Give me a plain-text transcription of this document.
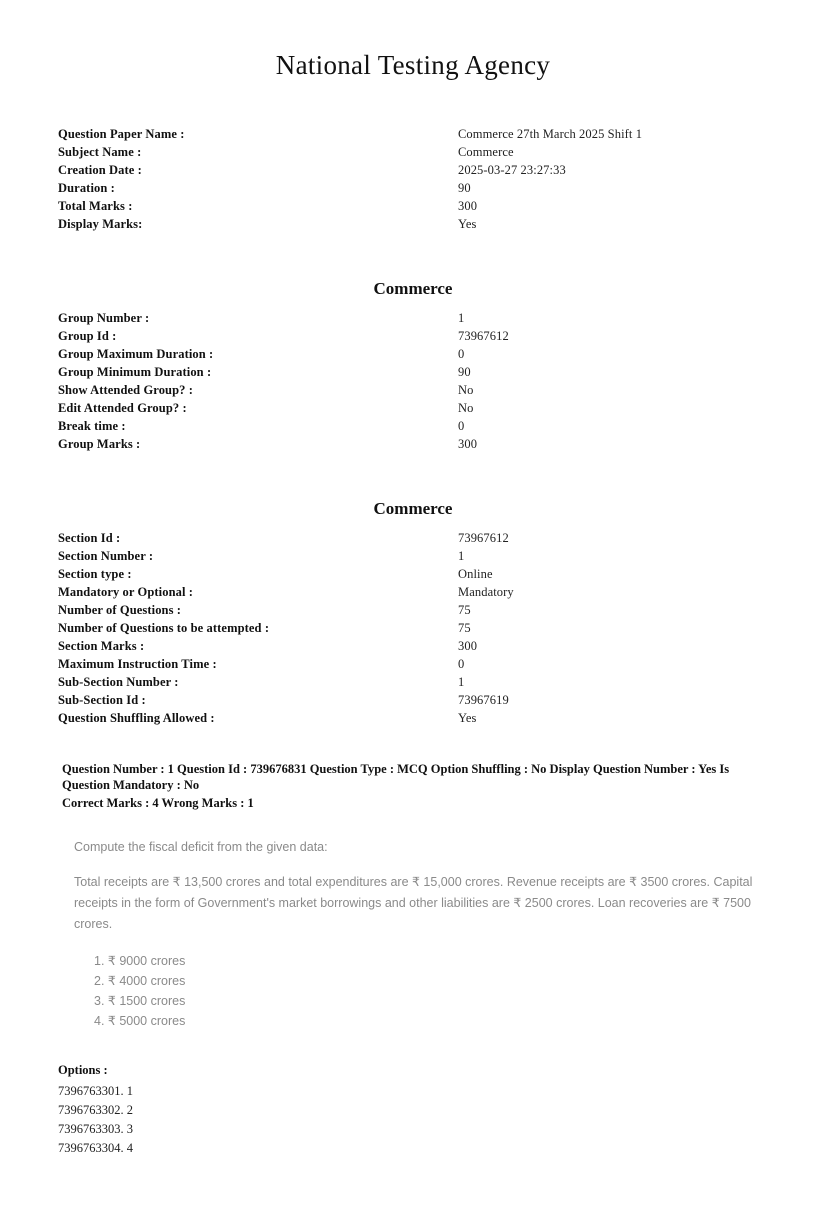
National Testing Agency
Question Paper Name :	Commerce 27th March 2025 Shift 1
Subject Name :	Commerce
Creation Date :	2025-03-27 23:27:33
Duration :	90
Total Marks :	300
Display Marks:	Yes
Commerce
Group Number :	1
Group Id :	73967612
Group Maximum Duration :	0
Group Minimum Duration :	90
Show Attended Group? :	No
Edit Attended Group? :	No
Break time :	0
Group Marks :	300
Commerce
Section Id :	73967612
Section Number :	1
Section type :	Online
Mandatory or Optional :	Mandatory
Number of Questions :	75
Number of Questions to be attempted :	75
Section Marks :	300
Maximum Instruction Time :	0
Sub-Section Number :	1
Sub-Section Id :	73967619
Question Shuffling Allowed :	Yes
Question Number : 1 Question Id : 739676831 Question Type : MCQ Option Shuffling : No Display Question Number : Yes Is
Question Mandatory : No
Correct Marks : 4 Wrong Marks : 1
Compute the fiscal deficit from the given data:
Total receipts are ₹ 13,500 crores and total expenditures are ₹ 15,000 crores. Revenue receipts are ₹ 3500 crores. Capital receipts in the form of Government's market borrowings and other liabilities are ₹ 2500 crores. Loan recoveries are ₹ 7500 crores.
1. ₹ 9000 crores
2. ₹ 4000 crores
3. ₹ 1500 crores
4. ₹ 5000 crores
Options :
7396763301. 1
7396763302. 2
7396763303. 3
7396763304. 4
